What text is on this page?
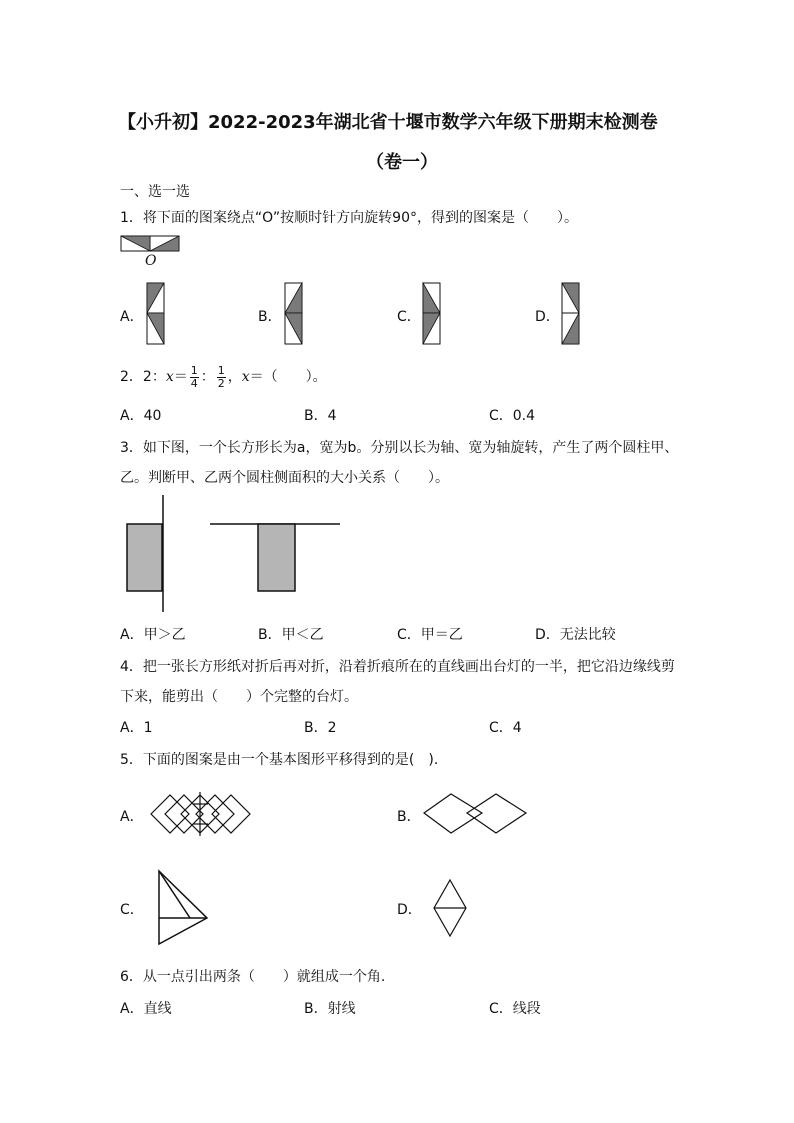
【小升初】2022-2023年湖北省十堰市数学六年级下册期末检测卷
（卷一）
一、选一选
1．将下面的图案绕点“O”按顺时针方向旋转90°，得到的图案是（　　）。
O
A．	B．	C．	D．
2．2：$x= \frac{1}{4}$ ： $\frac{1}{2}$ ，x＝（　　）。
A．40	B．4	C．0.4
3．如下图，一个长方形长为a，宽为b。分别以长为轴、宽为轴旋转，产生了两个圆柱甲、
乙。判断甲、乙两个圆柱侧面积的大小关系（　　）。
A．甲＞乙	B．甲＜乙	C．甲＝乙	D．无法比较
4．把一张长方形纸对折后再对折，沿着折痕所在的直线画出台灯的一半，把它沿边缘线剪
下来，能剪出（　　）个完整的台灯。
A．1	B．2	C．4
5．下面的图案是由一个基本图形平移得到的是(　).
A．	B．
C．	D．
6．从一点引出两条（　　）就组成一个角.
A．直线	B．射线	C．线段
